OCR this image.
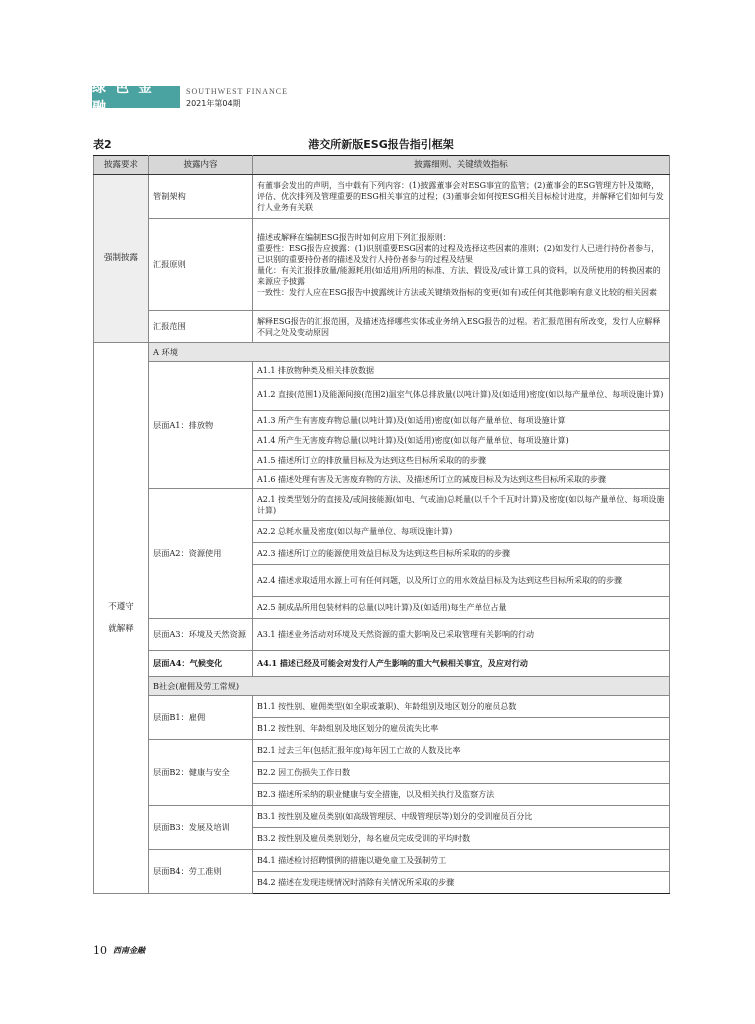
绿色金融
SOUTHWEST FINANCE
2021年第04期
港交所新版ESG报告指引框架
表2
披露要求	披露内容	披露细则、关键绩效指标
强制披露	管制架构	有董事会发出的声明，当中载有下列内容：(1)披露董事会对ESG事宜的监管；(2)董事会的ESG管理方针及策略，评估、优次排列及管理重要的ESG相关事宜的过程；(3)董事会如何按ESG相关目标检讨进度，并解释它们如何与发行人业务有关联
	汇报原则	描述或解释在编制ESG报告时如何应用下列汇报原则：
重要性：ESG报告应披露：(1)识别重要ESG因素的过程及选择这些因素的准则；(2)如发行人已进行持份者参与，已识别的重要持份者的描述及发行人持份者参与的过程及结果
量化：有关汇报排放量/能源耗用(如适用)所用的标准、方法、假设及/或计算工具的资料，以及所使用的转换因素的来源应予披露
一致性：发行人应在ESG报告中披露统计方法或关键绩效指标的变更(如有)或任何其他影响有意义比较的相关因素
	汇报范围	解释ESG报告的汇报范围，及描述选择哪些实体或业务纳入ESG报告的过程。若汇报范围有所改变，发行人应解释不同之处及变动原因
不遵守

就解释	A 环境	
	层面A1：排放物	A1.1 排放物种类及相关排放数据
		A1.2 直接(范围1)及能源间接(范围2)温室气体总排放量(以吨计算)及(如适用)密度(如以每产量单位、每项设施计算)
		A1.3 所产生有害废弃物总量(以吨计算)及(如适用)密度(如以每产量单位、每项设施计算
		A1.4 所产生无害废弃物总量(以吨计算)及(如适用)密度(如以每产量单位、每项设施计算)
		A1.5 描述所订立的排放量目标及为达到这些目标所采取的的步骤
		A1.6 描述处理有害及无害废弃物的方法、及描述所订立的减废目标及为达到这些目标所采取的步骤
	层面A2：资源使用	A2.1 按类型划分的直接及/或间接能源(如电、气或油)总耗量(以千个千瓦时计算)及密度(如以每产量单位、每项设施计算)
		A2.2 总耗水量及密度(如以每产量单位、每项设施计算)
		A2.3 描述所订立的能源使用效益目标及为达到这些目标所采取的的步骤
		A2.4 描述求取适用水源上可有任何问题，以及所订立的用水效益目标及为达到这些目标所采取的的步骤
		A2.5 制成品所用包装材料的总量(以吨计算)及(如适用)每生产单位占量
	层面A3：环境及天然资源	A3.1 描述业务活动对环境及天然资源的重大影响及已采取管理有关影响的行动
	层面A4：气候变化	A4.1 描述已经及可能会对发行人产生影响的重大气候相关事宜，及应对行动
	B社会(雇佣及劳工常规)	
	层面B1：雇佣	B1.1 按性别、雇佣类型(如全职或兼职)、年龄组别及地区划分的雇员总数
		B1.2 按性别、年龄组别及地区划分的雇员流失比率
	层面B2：健康与安全	B2.1 过去三年(包括汇报年度)每年因工亡故的人数及比率
		B2.2 因工伤损失工作日数
		B2.3 描述所采纳的职业健康与安全措施，以及相关执行及监察方法
	层面B3：发展及培训	B3.1 按性别及雇员类别(如高级管理层、中级管理层等)划分的受训雇员百分比
		B3.2 按性别及雇员类别划分，每名雇员完成受训的平均时数
	层面B4：劳工准则	B4.1 描述检讨招聘惯例的措施以避免童工及强制劳工
		B4.2 描述在发现违规情况时消除有关情况所采取的步骤
10 西南金融
